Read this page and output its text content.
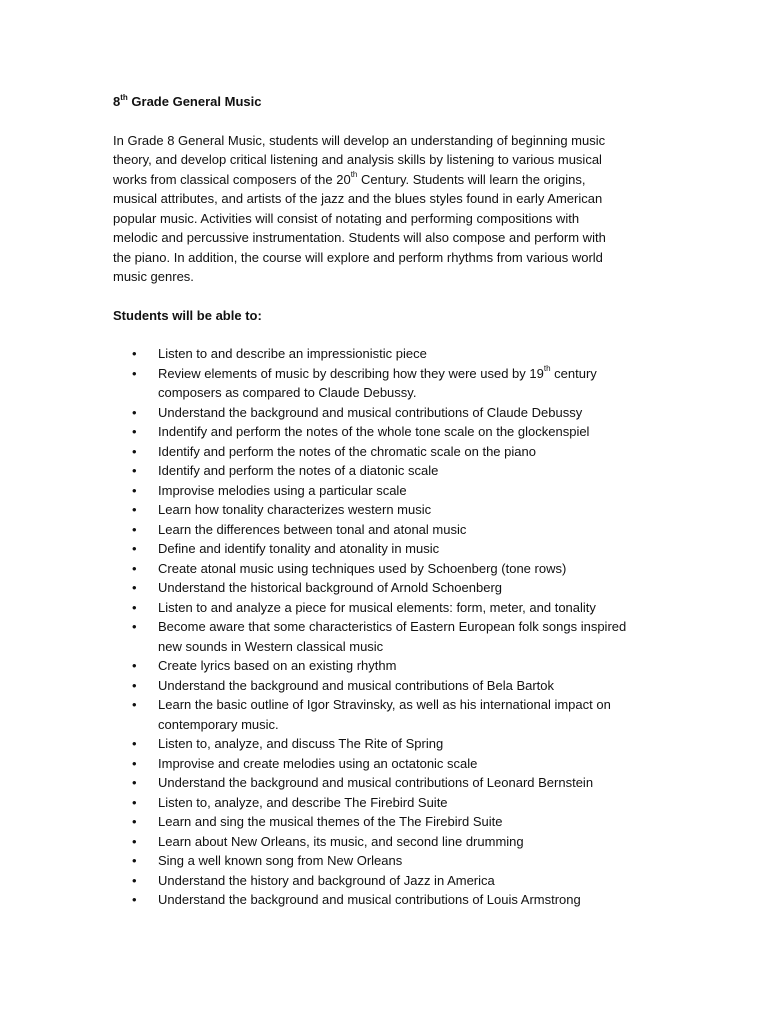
8th Grade General Music

In Grade 8 General Music, students will develop an understanding of beginning music
theory, and develop critical listening and analysis skills by listening to various musical
works from classical composers of the 20th Century. Students will learn the origins,
musical attributes, and artists of the jazz and the blues styles found in early American
popular music. Activities will consist of notating and performing compositions with
melodic and percussive instrumentation. Students will also compose and perform with
the piano. In addition, the course will explore and perform rhythms from various world
music genres.

Students will be able to:
• Listen to and describe an impressionistic piece
• Review elements of music by describing how they were used by 19th century
composers as compared to Claude Debussy.
• Understand the background and musical contributions of Claude Debussy
• Indentify and perform the notes of the whole tone scale on the glockenspiel
• Identify and perform the notes of the chromatic scale on the piano
• Identify and perform the notes of a diatonic scale
• Improvise melodies using a particular scale
• Learn how tonality characterizes western music
• Learn the differences between tonal and atonal music
• Define and identify tonality and atonality in music
• Create atonal music using techniques used by Schoenberg (tone rows)
• Understand the historical background of Arnold Schoenberg
• Listen to and analyze a piece for musical elements: form, meter, and tonality
• Become aware that some characteristics of Eastern European folk songs inspired
new sounds in Western classical music
• Create lyrics based on an existing rhythm
• Understand the background and musical contributions of Bela Bartok
• Learn the basic outline of Igor Stravinsky, as well as his international impact on
contemporary music.
• Listen to, analyze, and discuss The Rite of Spring
• Improvise and create melodies using an octatonic scale
• Understand the background and musical contributions of Leonard Bernstein
• Listen to, analyze, and describe The Firebird Suite
• Learn and sing the musical themes of the The Firebird Suite
• Learn about New Orleans, its music, and second line drumming
• Sing a well known song from New Orleans
• Understand the history and background of Jazz in America
• Understand the background and musical contributions of Louis Armstrong
